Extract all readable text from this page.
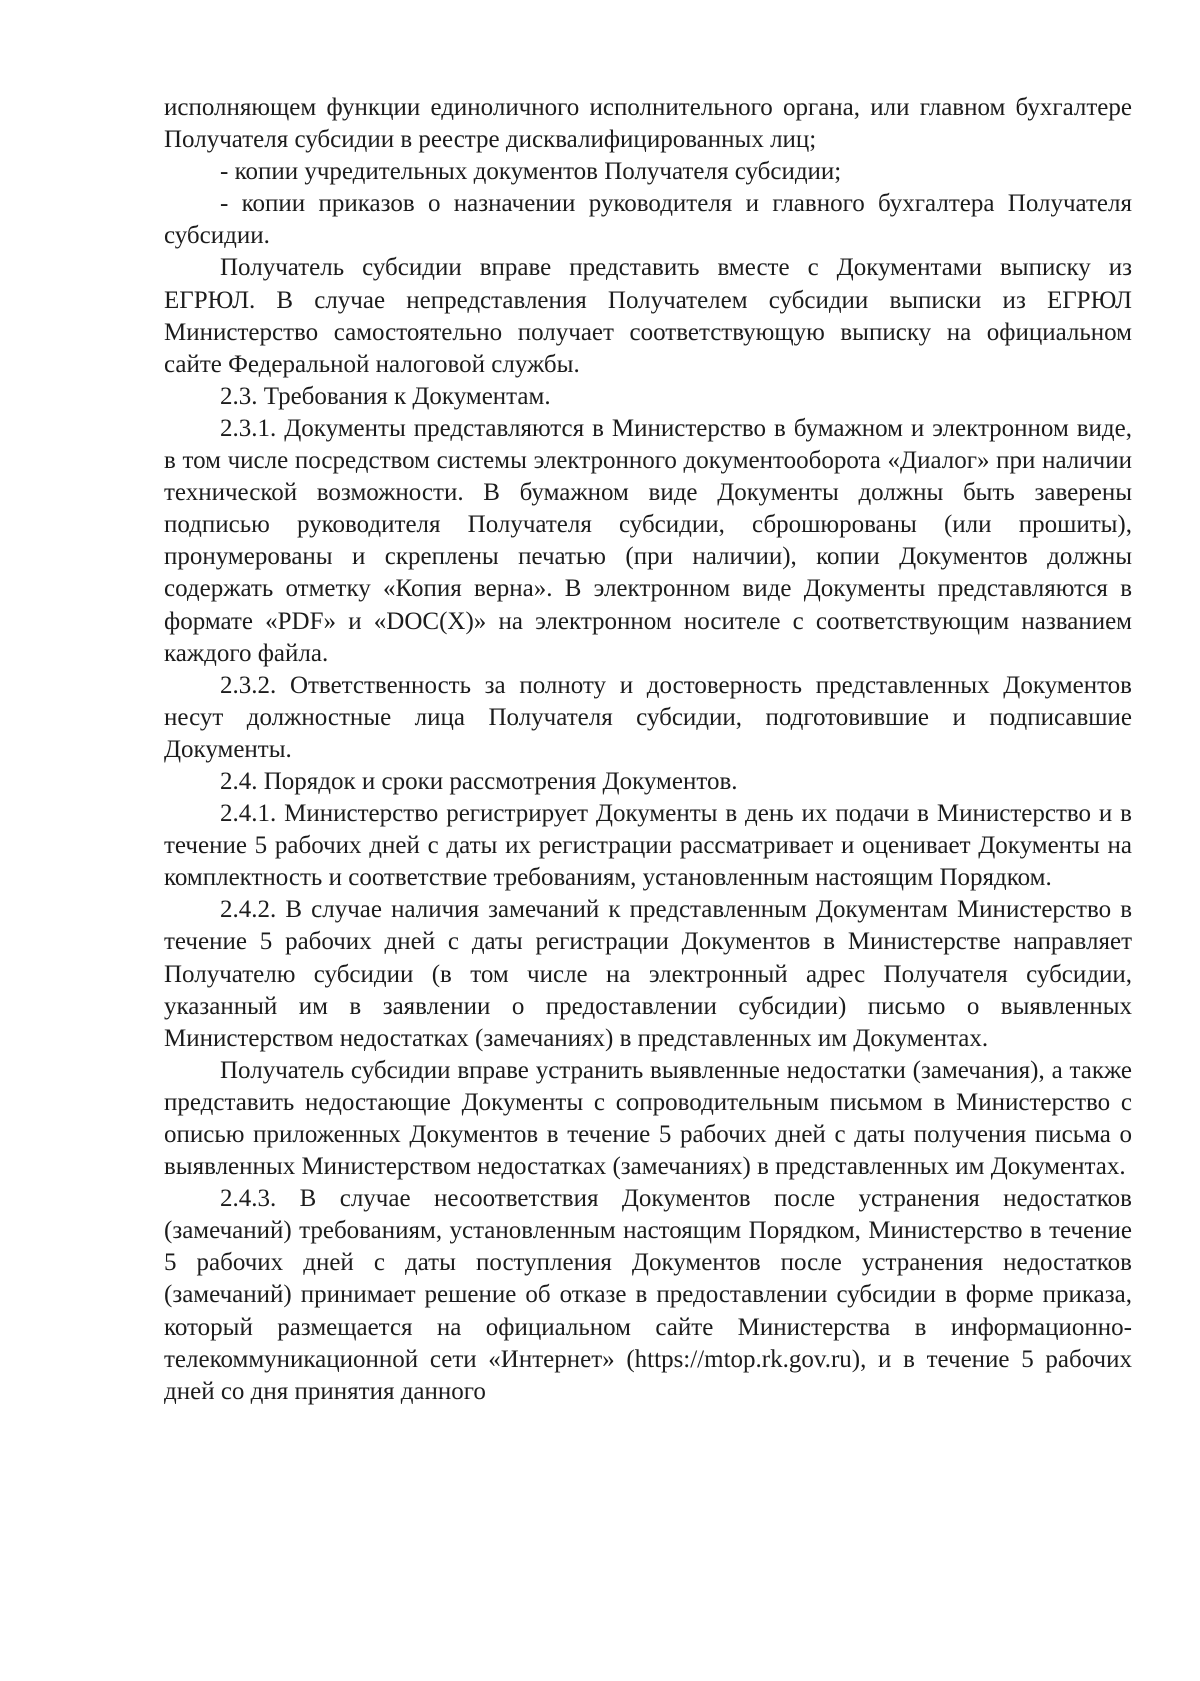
исполняющем функции единоличного исполнительного органа, или главном бухгалтере Получателя субсидии в реестре дисквалифицированных лиц;

- копии учредительных документов Получателя субсидии;

- копии приказов о назначении руководителя и главного бухгалтера Получателя субсидии.

Получатель субсидии вправе представить вместе с Документами выписку из ЕГРЮЛ. В случае непредставления Получателем субсидии выписки из ЕГРЮЛ Министерство самостоятельно получает соответствующую выписку на официальном сайте Федеральной налоговой службы.

2.3. Требования к Документам.

2.3.1. Документы представляются в Министерство в бумажном и электронном виде, в том числе посредством системы электронного документооборота «Диалог» при наличии технической возможности. В бумажном виде Документы должны быть заверены подписью руководителя Получателя субсидии, сброшюрованы (или прошиты), пронумерованы и скреплены печатью (при наличии), копии Документов должны содержать отметку «Копия верна». В электронном виде Документы представляются в формате «PDF» и «DOC(X)» на электронном носителе с соответствующим названием каждого файла.

2.3.2. Ответственность за полноту и достоверность представленных Документов несут должностные лица Получателя субсидии, подготовившие и подписавшие Документы.

2.4. Порядок и сроки рассмотрения Документов.

2.4.1. Министерство регистрирует Документы в день их подачи в Министерство и в течение 5 рабочих дней с даты их регистрации рассматривает и оценивает Документы на комплектность и соответствие требованиям, установленным настоящим Порядком.

2.4.2. В случае наличия замечаний к представленным Документам Министерство в течение 5 рабочих дней с даты регистрации Документов в Министерстве направляет Получателю субсидии (в том числе на электронный адрес Получателя субсидии, указанный им в заявлении о предоставлении субсидии) письмо о выявленных Министерством недостатках (замечаниях) в представленных им Документах.

Получатель субсидии вправе устранить выявленные недостатки (замечания), а также представить недостающие Документы с сопроводительным письмом в Министерство с описью приложенных Документов в течение 5 рабочих дней с даты получения письма о выявленных Министерством недостатках (замечаниях) в представленных им Документах.

2.4.3. В случае несоответствия Документов после устранения недостатков (замечаний) требованиям, установленным настоящим Порядком, Министерство в течение 5 рабочих дней с даты поступления Документов после устранения недостатков (замечаний) принимает решение об отказе в предоставлении субсидии в форме приказа, который размещается на официальном сайте Министерства в информационно-телекоммуникационной сети «Интернет» (https://mtop.rk.gov.ru), и в течение 5 рабочих дней со дня принятия данного
